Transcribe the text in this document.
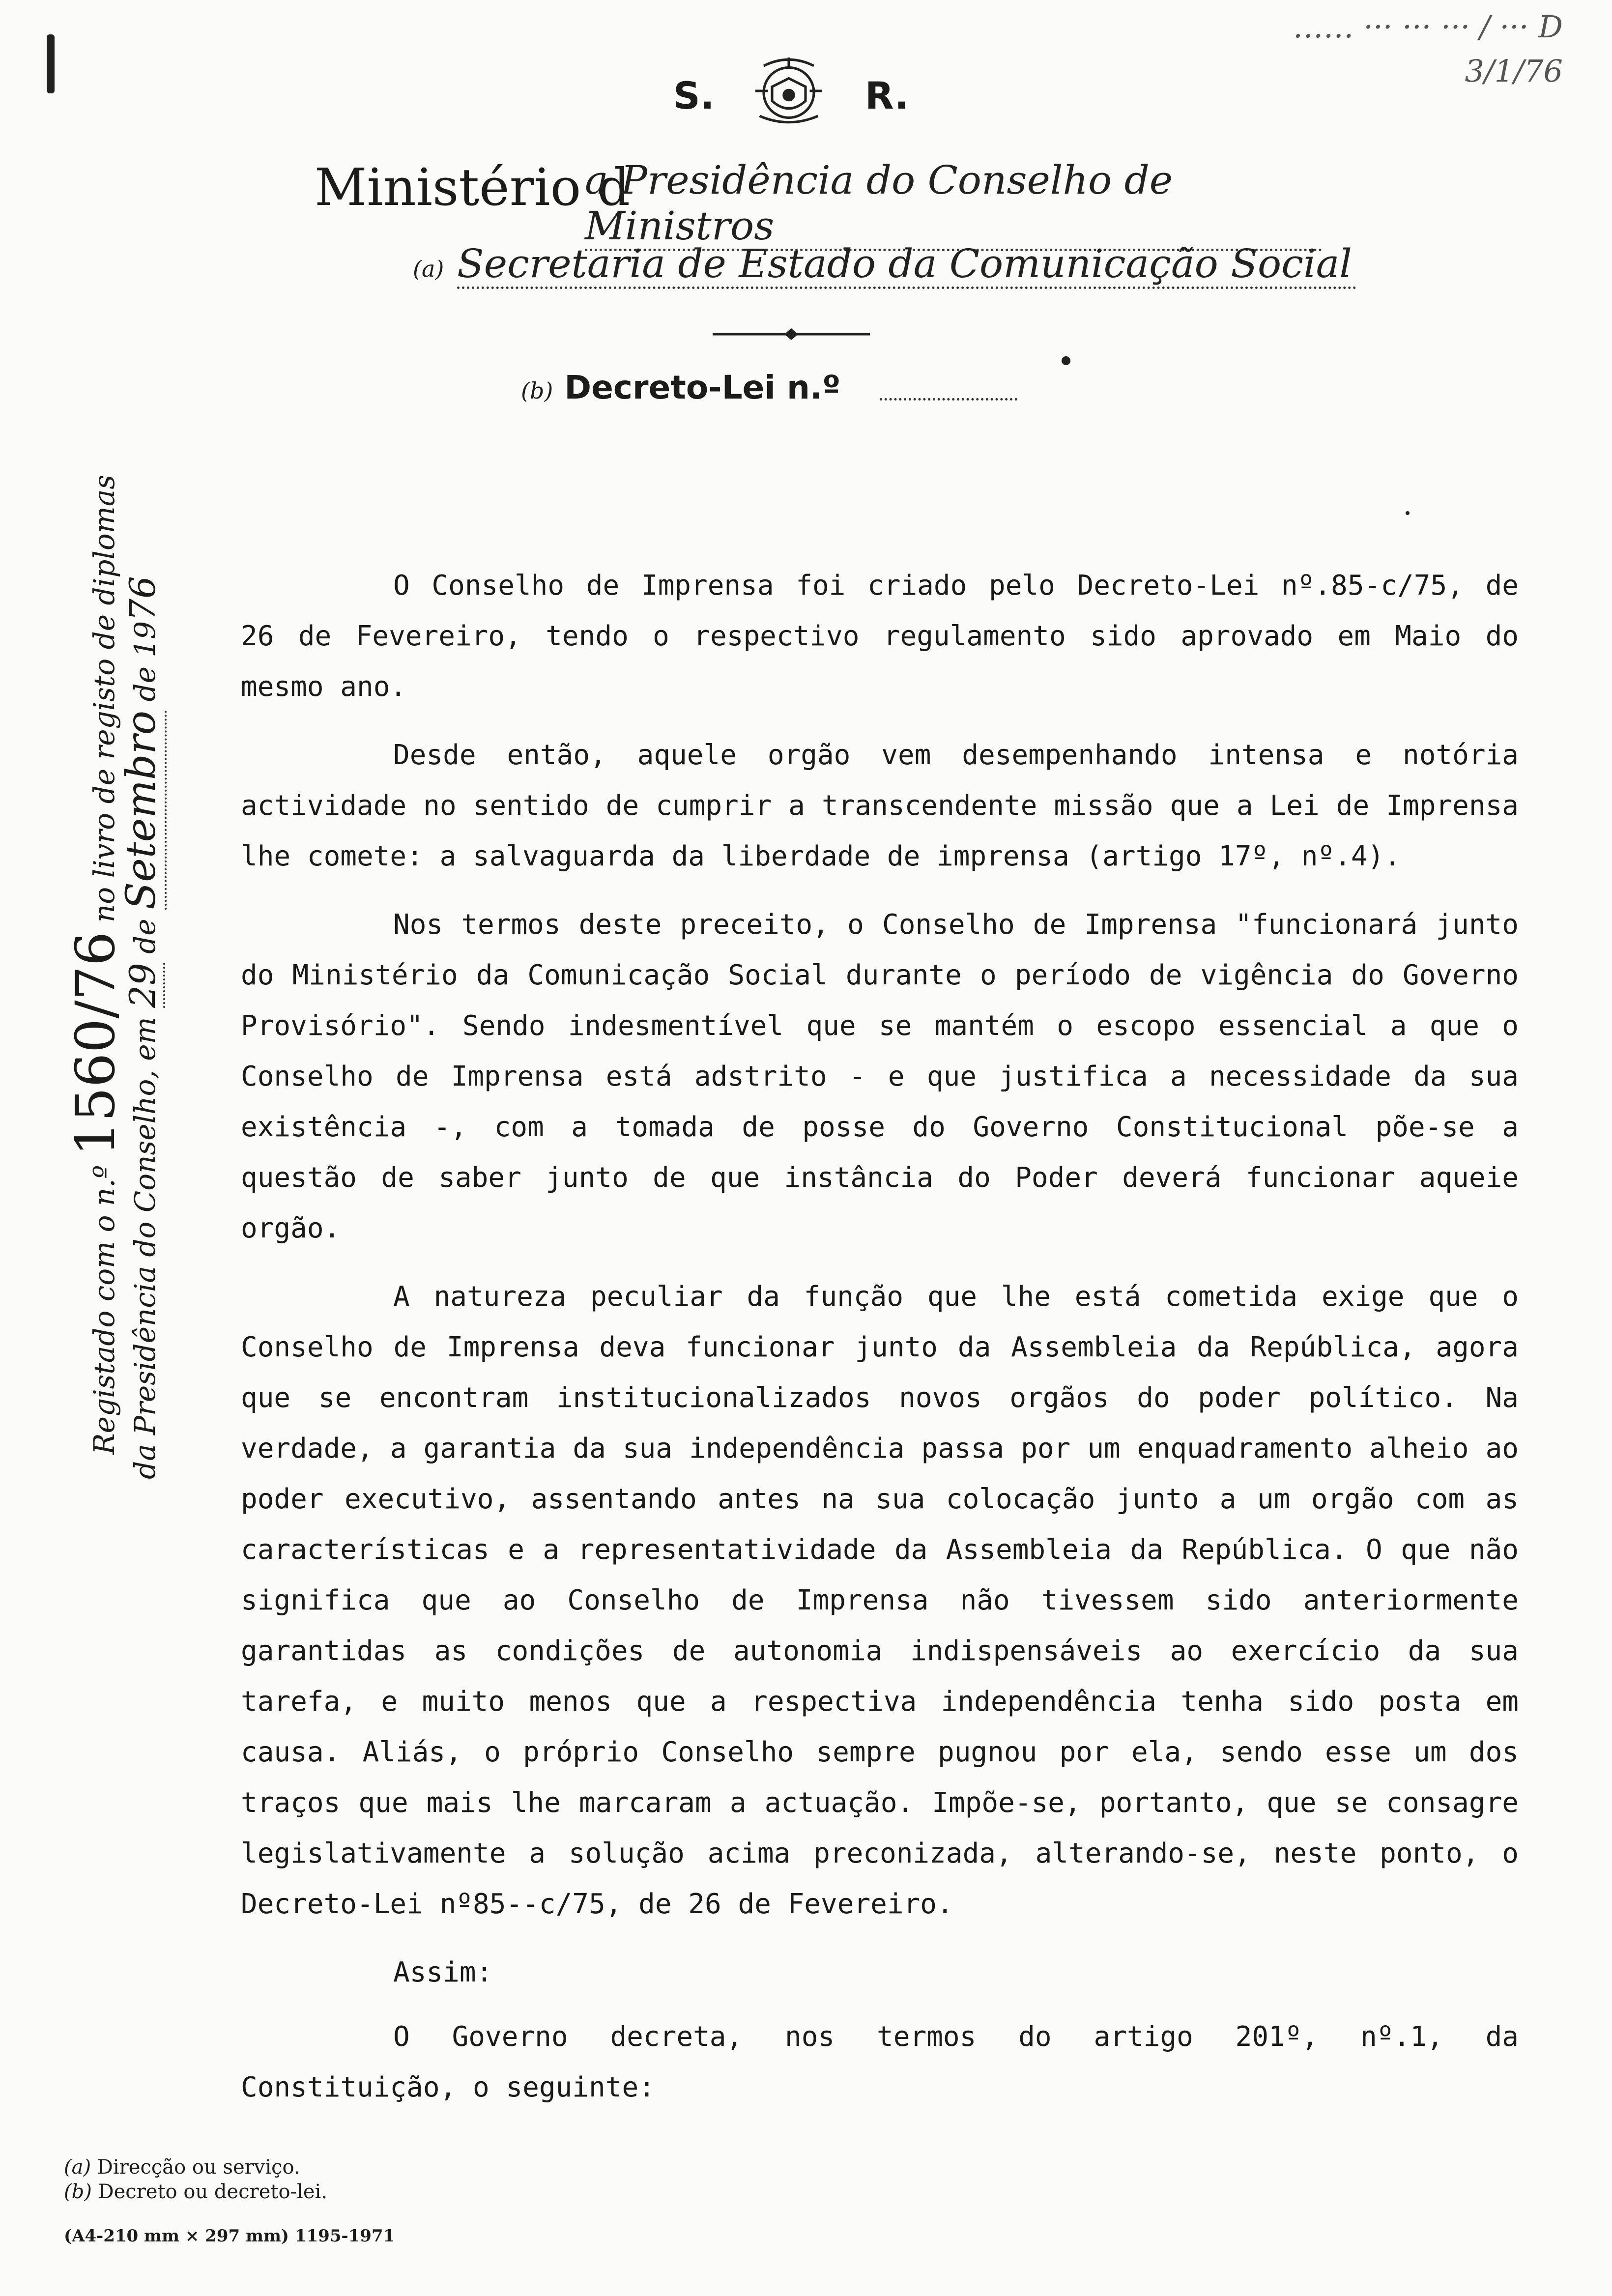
S.	R.
Ministério d
a Presidência do Conselho de Ministros
(a) Secretaria de Estado da Comunicação Social
(b) Decreto-Lei n.º
…… ··· ··· ··· / ··· D
3/1/76
Registado com o n.º 1560/76 no livro de registo de diplomas
da Presidência do Conselho, em 29 de Setembro de 1976	O Conselho de Imprensa foi criado pelo Decreto-Lei nº.85-c/75, de 26 de Fevereiro, tendo o respectivo regulamento sido aprovado em Maio do mesmo ano.

Desde então, aquele orgão vem desempenhando intensa e notória actividade no sentido de cumprir a transcendente missão que a Lei de Imprensa lhe comete: a salvaguarda da liberdade de imprensa (artigo 17º, nº.4).

Nos termos deste preceito, o Conselho de Imprensa "funcionará junto do Ministério da Comunicação Social durante o período de vigência do Governo Provisório". Sendo indesmentível que se mantém o escopo essencial a que o Conselho de Imprensa está adstrito - e que justifica a necessidade da sua existência -, com a tomada de posse do Governo Constitucional põe-se a questão de saber junto de que instância do Poder deverá funcionar aqueie orgão.

A natureza peculiar da função que lhe está cometida exige que o Conselho de Imprensa deva funcionar junto da Assembleia da República, agora que se encontram institucionalizados novos orgãos do poder político. Na verdade, a garantia da sua independência passa por um enquadramento alheio ao poder executivo, assentando antes na sua colocação junto a um orgão com as características e a representatividade da Assembleia da República. O que não significa que ao Conselho de Imprensa não tivessem sido anteriormente garantidas as condições de autonomia indispensáveis ao exercício da sua tarefa, e muito menos que a respectiva independência tenha sido posta em causa. Aliás, o próprio Conselho sempre pugnou por ela, sendo esse um dos traços que mais lhe marcaram a actuação. Impõe-se, portanto, que se consagre legislativamente a solução acima preconizada, alterando-se, neste ponto, o Decreto-Lei nº85--c/75, de 26 de Fevereiro.

Assim:

O Governo decreta, nos termos do artigo 201º, nº.1, da Constituição, o seguinte:

(a) Direcção ou serviço.
(b) Decreto ou decreto-lei.
(A4-210 mm × 297 mm) 1195-1971
